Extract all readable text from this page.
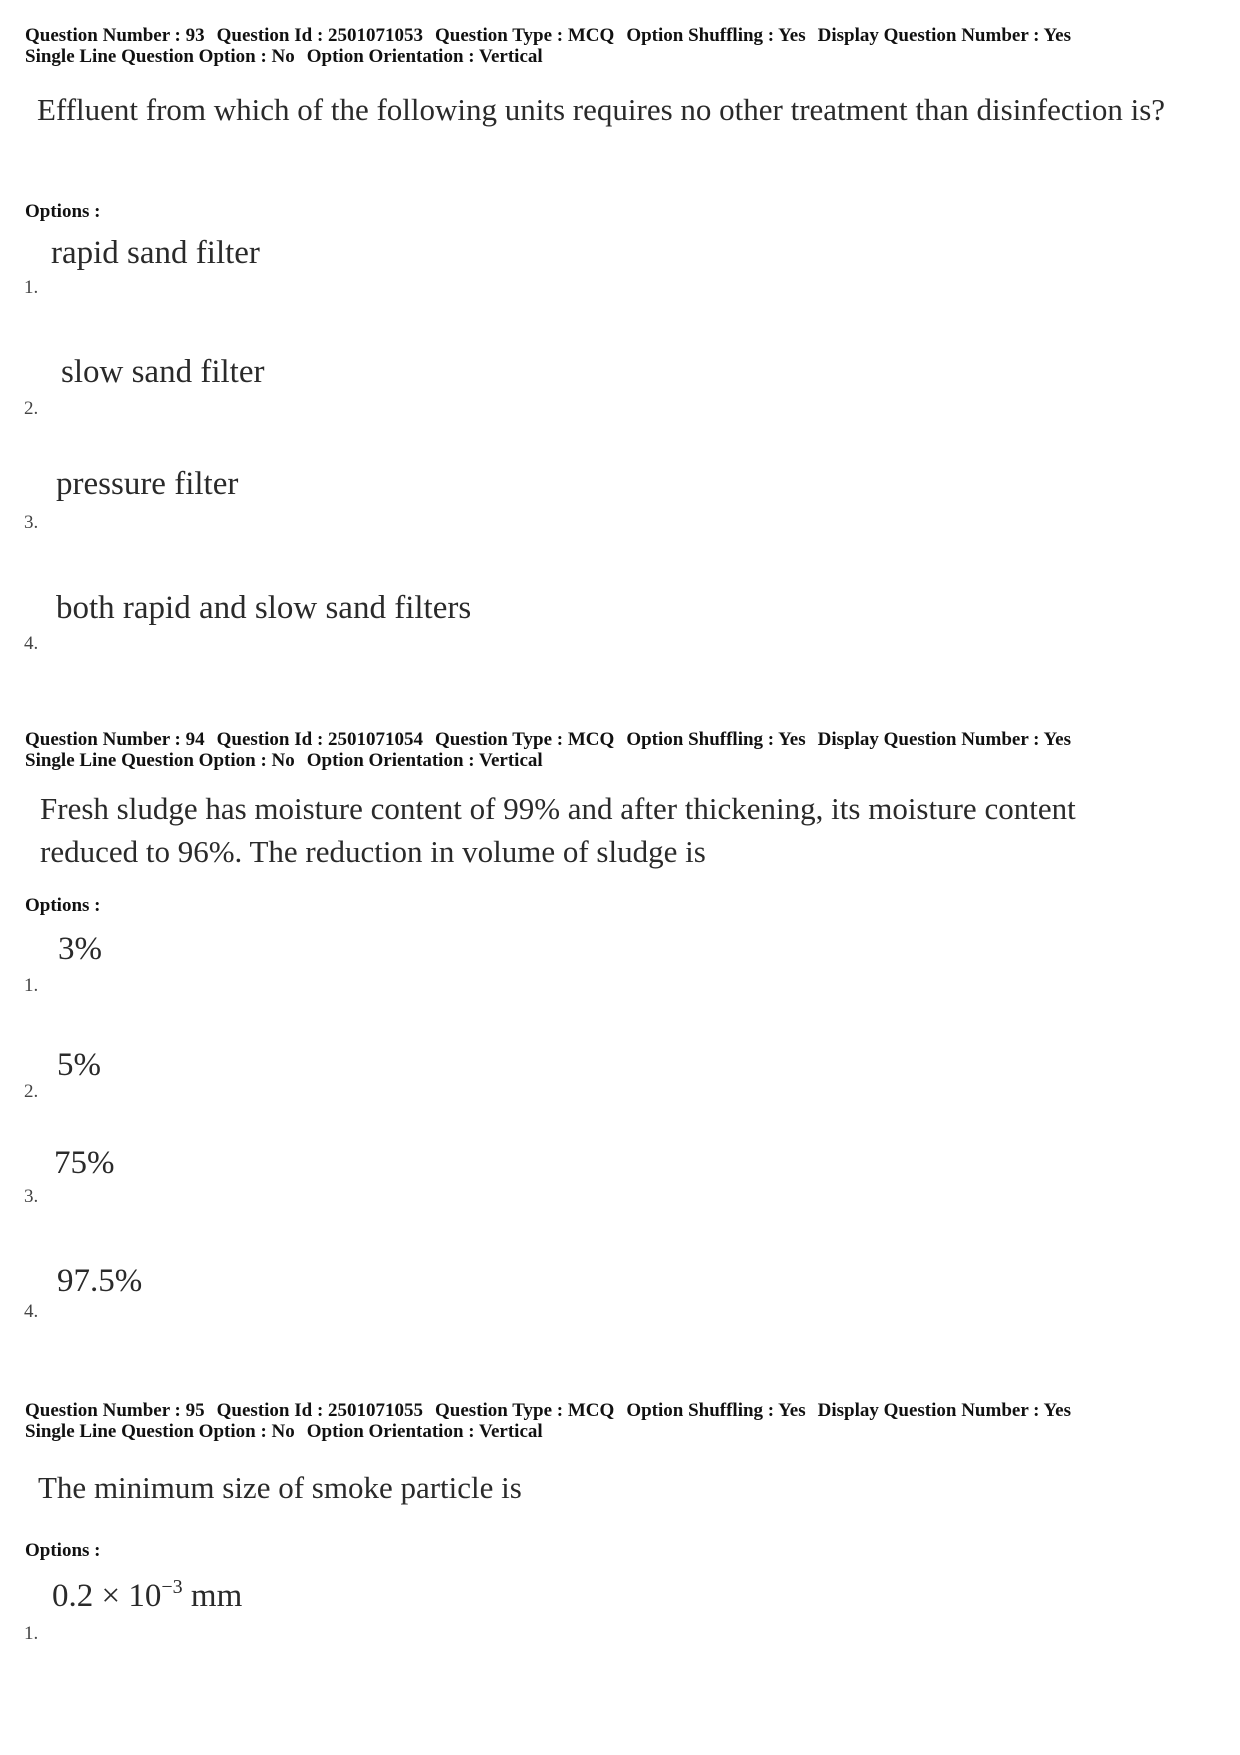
Question Number : 93 Question Id : 2501071053 Question Type : MCQ Option Shuffling : Yes Display Question Number : Yes
Single Line Question Option : No Option Orientation : Vertical
Effluent from which of the following units requires no other treatment than disinfection is?
Options :
rapid sand filter
1.
slow sand filter
2.
pressure filter
3.
both rapid and slow sand filters
4.
Question Number : 94 Question Id : 2501071054 Question Type : MCQ Option Shuffling : Yes Display Question Number : Yes
Single Line Question Option : No Option Orientation : Vertical
Fresh sludge has moisture content of 99% and after thickening, its moisture content
reduced to 96%. The reduction in volume of sludge is
Options :
3%
1.
5%
2.
75%
3.
97.5%
4.
Question Number : 95 Question Id : 2501071055 Question Type : MCQ Option Shuffling : Yes Display Question Number : Yes
Single Line Question Option : No Option Orientation : Vertical
The minimum size of smoke particle is
Options :
$0.2 \times 10^{-3}$ mm
1.
